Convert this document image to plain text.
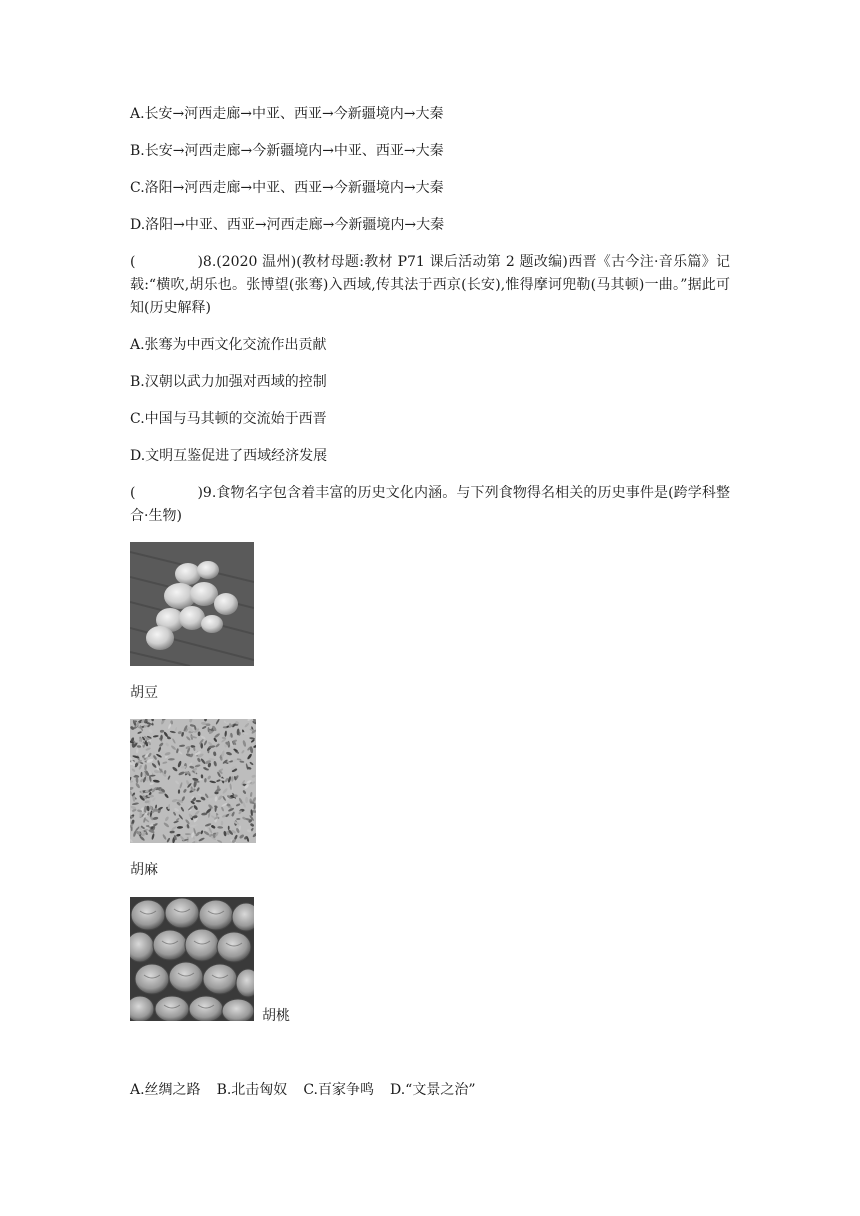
A.长安→河西走廊→中亚、西亚→今新疆境内→大秦
B.长安→河西走廊→今新疆境内→中亚、西亚→大秦
C.洛阳→河西走廊→中亚、西亚→今新疆境内→大秦
D.洛阳→中亚、西亚→河西走廊→今新疆境内→大秦
(	)8.(2020 温州)(教材母题:教材 P71 课后活动第 2 题改编)西晋《古今注·音乐篇》记载:“横吹,胡乐也。张博望(张骞)入西域,传其法于西京(长安),惟得摩诃兜勒(马其顿)一曲。”据此可知(历史解释)
A.张骞为中西文化交流作出贡献
B.汉朝以武力加强对西域的控制
C.中国与马其顿的交流始于西晋
D.文明互鉴促进了西域经济发展
(	)9.食物名字包含着丰富的历史文化内涵。与下列食物得名相关的历史事件是(跨学科整合·生物)
胡豆
胡麻
胡桃
A.丝绸之路 B.北击匈奴 C.百家争鸣 D.“文景之治”
